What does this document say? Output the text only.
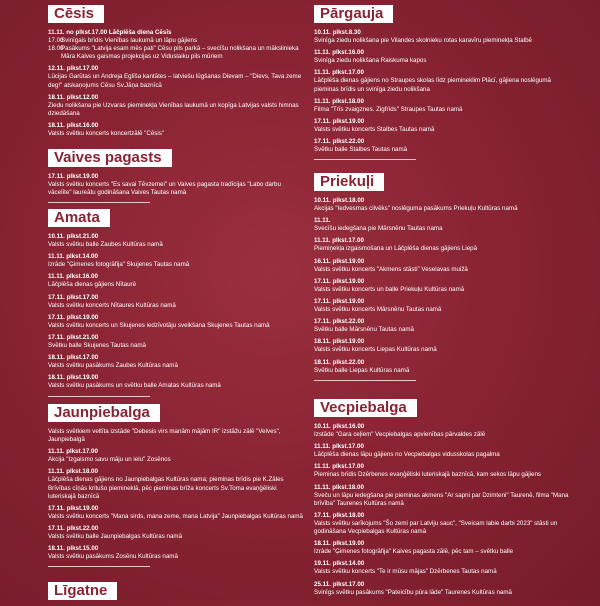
Cēsis
11.11. no plkst.17.00 Lāčplēša diena Cēsīs
17.00
Svinīgais brīdis Vienības laukumā un lāpu gājiens
18.00
Pasākums "Latvija esam mēs pati" Cēsu pils parkā – svecīšu nolikšana un mākslinieka Māra Kalves gaismas projekcijas uz Viduslaiku pils mūriem
12.11. plkst.17.00
Lūcijas Garūtas un Andreja Eglīša kantātes – latviešu lūgšanas Dievam – "Dievs, Tava zeme deg!" atskaņojums Cēsu Sv.Jāņa baznīcā
18.11. plkst.12.00
Ziedu nolikšana pie Uzvaras pieminekļa Vienības laukumā un kopīga Latvijas valsts himnas dziedāšana
18.11. plkst.16.00
Valsts svētku koncerts koncertzālē "Cēsis"
Vaives pagasts
17.11. plkst.19.00
Valsts svētku koncerts "Es savai Tēvzemei" un Vaives pagasta tradīcijas "Labo darbu vācelīte" laureātu godināšana Vaives Tautas namā
Amata
10.11. plkst.21.00
Valsts svētku balle Zaubes Kultūras namā
11.11. plkst.14.00
Izrāde "Ģimenes fotogrāfija" Skujenes Tautas namā
11.11. plkst.16.00
Lāčplēša dienas gājiens Nītaurē
17.11. plkst.17.00
Valsts svētku koncerts Nītaures Kultūras namā
17.11. plkst.19.00
Valsts svētku koncerts un Skujenes iedzīvotāju sveikšana Skujenes Tautas namā
17.11. plkst.21.00
Svētku balle Skujenes Tautas namā
18.11. plkst.17.00
Valsts svētku pasākums Zaubes Kultūras namā
18.11. plkst.19.00
Valsts svētku pasākums un svētku balle Amatas Kultūras namā
Jaunpiebalga
Valsts svētkiem veltīta izstāde "Debesis virs manām mājām IR" izstāžu zālē "Velves", Jaunpiebalgā
11.11. plkst.17.00
Akcija "Izgaismo savu māju un ielu" Zosēnos
11.11. plkst.18.00
Lāčplēša dienas gājiens no Jaunpiebalgas Kultūras nama; pieminas brīdis pie K.Zāles Brīvības cīņās kritušo piemineklā, pēc pieminas brīža koncerts Sv.Toma evaņģēliski luteriskajā baznīcā
17.11. plkst.19.00
Valsts svētku koncerts "Mana sirds, mana zeme, mana Latvija" Jaunpiebalgas Kultūras namā
17.11. plkst.22.00
Valsts svētku balle Jaunpiebalgas Kultūras namā
18.11. plkst.15.00
Valsts svētku pasākums Zosēnu Kultūras namā
Līgatne
Pārgauja
10.11. plkst.8.30
Svinīga ziedu nolikšana pie Vilandes skolnieku rotas karavīru pieminekļa Stalbē
11.11. plkst.16.00
Svinīga ziedu nolikšana Raiskuma kapos
11.11. plkst.17.00
Lāčplēša dienas gājiens no Straupes skolas līdz piemineklim Plācī, gājiena noslēgumā pieminas brīdis un svinīga ziedu nolikšana
11.11. plkst.18.00
Filma "Trīs zvaigznes. Zigfrīds" Straupes Tautas namā
17.11. plkst.19.00
Valsts svētku koncerts Stalbes Tautas namā
17.11. plkst.22.00
Svētku balle Stalbes Tautas namā
Priekuļi
10.11. plkst.18.00
Akcijas "Iedvesmas cilvēks" noslēguma pasākums Priekuļu Kultūras namā
11.11.
Svecīšu iedegšana pie Mārsnēnu Tautas nama
11.11. plkst.17.00
Piemiņekļa izgaismošana un Lāčplēša dienas gājiens Liepā
16.11. plkst.19.00
Valsts svētku koncerts "Akmens stāsti" Veselavas muižā
17.11. plkst.19.00
Valsts svētku koncerts un balle Priekuļu Kultūras namā
17.11. plkst.19.00
Valsts svētku koncerts Mārsnēnu Tautas namā
17.11. plkst.22.00
Svētku balle Mārsnēnu Tautas namā
18.11. plkst.19.00
Valsts svētku koncerts Liepas Kultūras namā
18.11. plkst.22.00
Svētku balle Liepas Kultūras namā
Vecpiebalga
10.11. plkst.16.00
Izstāde "Gara ceļiem" Vecpiebalgas apvienības pārvaldes zālē
11.11. plkst.17.00
Lāčplēša dienas lāpu gājiens no Vecpiebalgas vidusskolas pagalma
11.11. plkst.17.00
Pieminas brīdis Dzērbenes evaņģēliski luteriskajā baznīcā, kam sekos lāpu gājiens
11.11. plkst.18.00
Sveču un lāpu iedegšana pie pieminas akmens "Ar sapni par Dzimteni" Taurenē, filma "Mana brīvība" Taurenes Kultūras namā
17.11. plkst.18.00
Valsts svētku sarīkojums "Šo zemi par Latviju sauc", "Sveicam labie darbi 2023" stāsti un godināšana Vecpiebalgas Kultūras namā
18.11. plkst.19.00
Izrāde "Ģimenes fotogrāfija" Kaives pagasta zālē, pēc tam – svētku balle
19.11. plkst.14.00
Valsts svētku koncerts "Te ir mūsu mājas" Dzērbenes Tautas namā
25.11. plkst.17.00
Svinīgs svētku pasākums "Pateicību pūra lāde" Taurenes Kultūras namā
